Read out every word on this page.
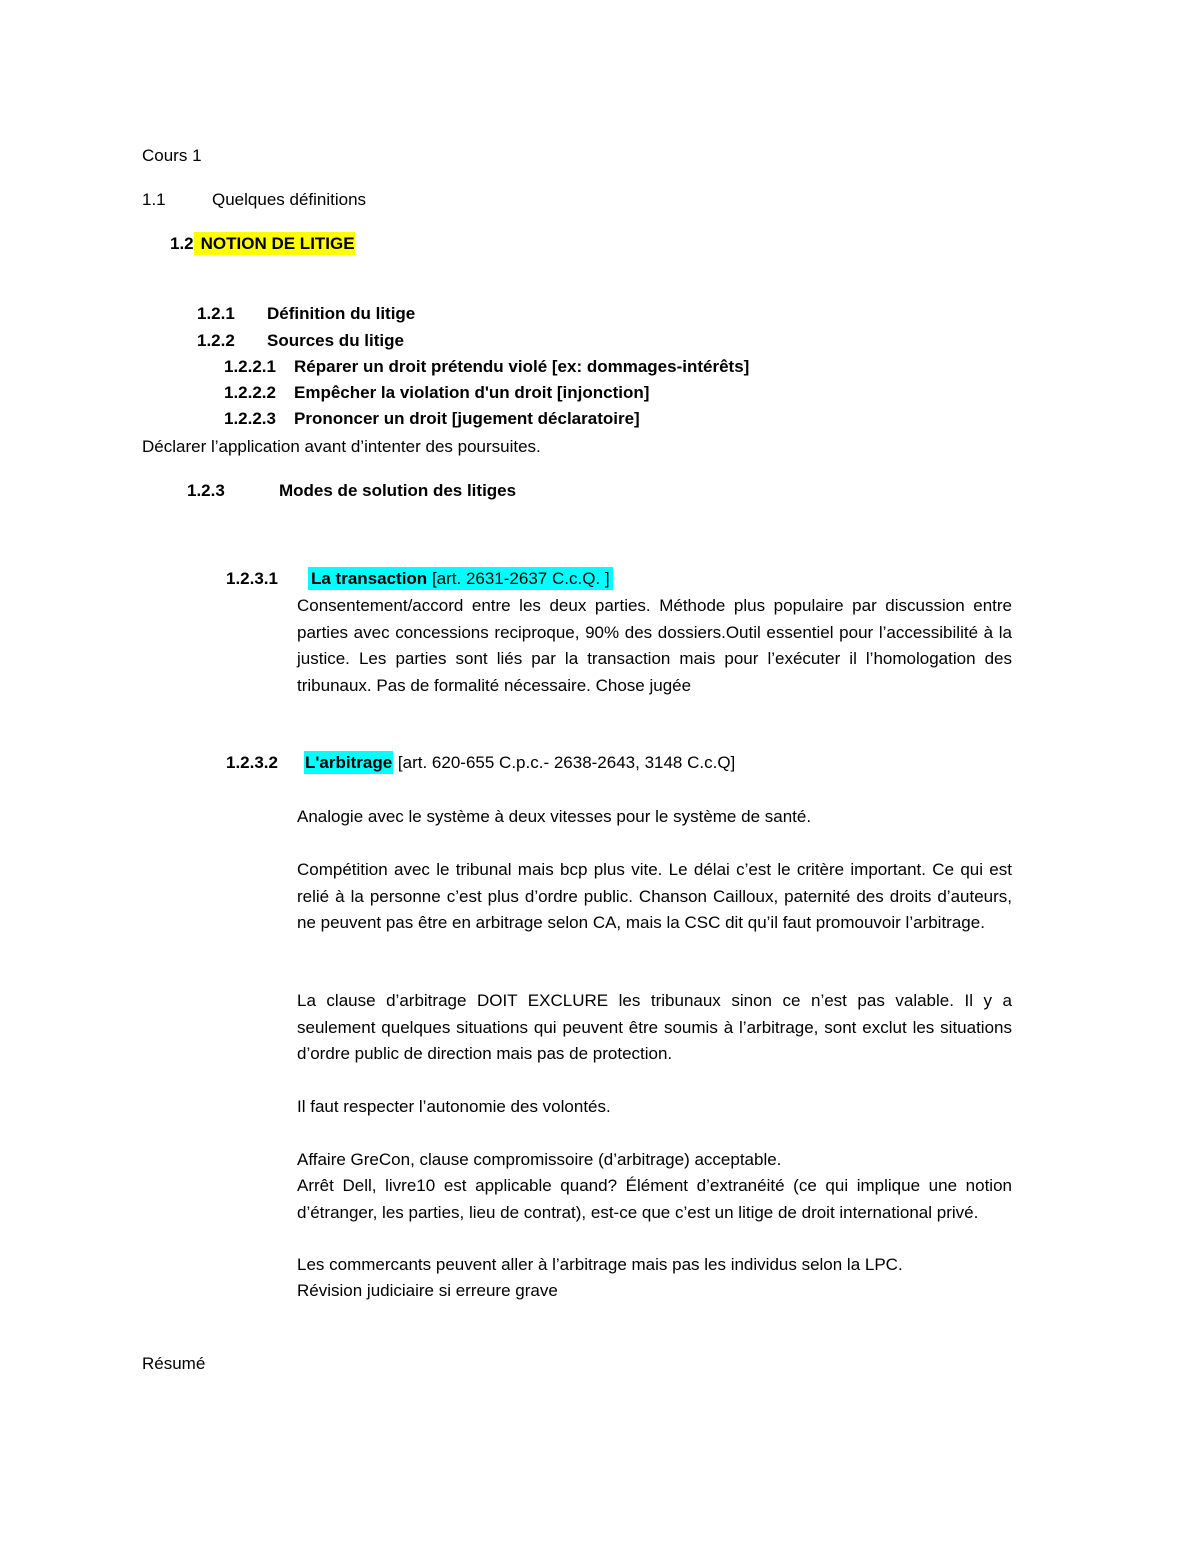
Cours 1
1.1	Quelques définitions
1.2 NOTION DE LITIGE
1.2.1 Définition du litige
1.2.2 Sources du litige
1.2.2.1 Réparer un droit prétendu violé [ex: dommages-intérêts]
1.2.2.2 Empêcher la violation d'un droit [injonction]
1.2.2.3 Prononcer un droit [jugement déclaratoire]
Déclarer l’application avant d’intenter des poursuites.
1.2.3	Modes de solution des litiges
1.2.3.1 La transaction [art. 2631-2637 C.c.Q. ]
Consentement/accord entre les deux parties. Méthode plus populaire par discussion entre parties avec concessions reciproque, 90% des dossiers.Outil essentiel pour l’accessibilité à la justice. Les parties sont liés par la transaction mais pour l’exécuter il l’homologation des tribunaux. Pas de formalité nécessaire. Chose jugée
1.2.3.2 L'arbitrage [art. 620-655 C.p.c.- 2638-2643, 3148 C.c.Q]
Analogie avec le système à deux vitesses pour le système de santé.
Compétition avec le tribunal mais bcp plus vite. Le délai c’est le critère important. Ce qui est relié à la personne c’est plus d’ordre public. Chanson Cailloux, paternité des droits d’auteurs, ne peuvent pas être en arbitrage selon CA, mais la CSC dit qu’il faut promouvoir l’arbitrage.
La clause d’arbitrage DOIT EXCLURE les tribunaux sinon ce n’est pas valable. Il y a seulement quelques situations qui peuvent être soumis à l’arbitrage, sont exclut les situations d’ordre public de direction mais pas de protection.
Il faut respecter l’autonomie des volontés.
Affaire GreCon, clause compromissoire (d’arbitrage) acceptable.
Arrêt Dell, livre10 est applicable quand? Élément d’extranéité (ce qui implique une notion d’étranger, les parties, lieu de contrat), est-ce que c’est un litige de droit international privé.
Les commercants peuvent aller à l’arbitrage mais pas les individus selon la LPC.
Révision judiciaire si erreure grave
Résumé
